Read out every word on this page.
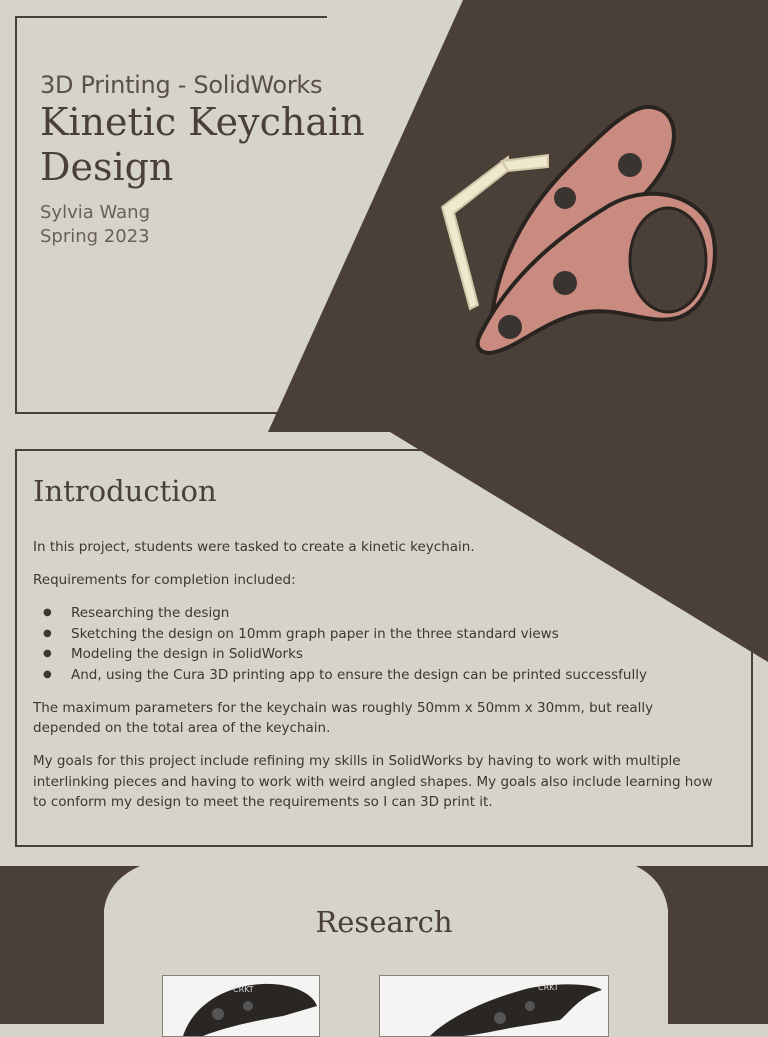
3D Printing - SolidWorks
Kinetic Keychain Design
Sylvia Wang
Spring 2023
Introduction

In this project, students were tasked to create a kinetic keychain.

Requirements for completion included:

● Researching the design
● Sketching the design on 10mm graph paper in the three standard views
● Modeling the design in SolidWorks
● And, using the Cura 3D printing app to ensure the design can be printed successfully

The maximum parameters for the keychain was roughly 50mm x 50mm x 30mm, but really depended on the total area of the keychain.

My goals for this project include refining my skills in SolidWorks by having to work with multiple interlinking pieces and having to work with weird angled shapes. My goals also include learning how to conform my design to meet the requirements so I can 3D print it.

Research
CRKT	CRKT
